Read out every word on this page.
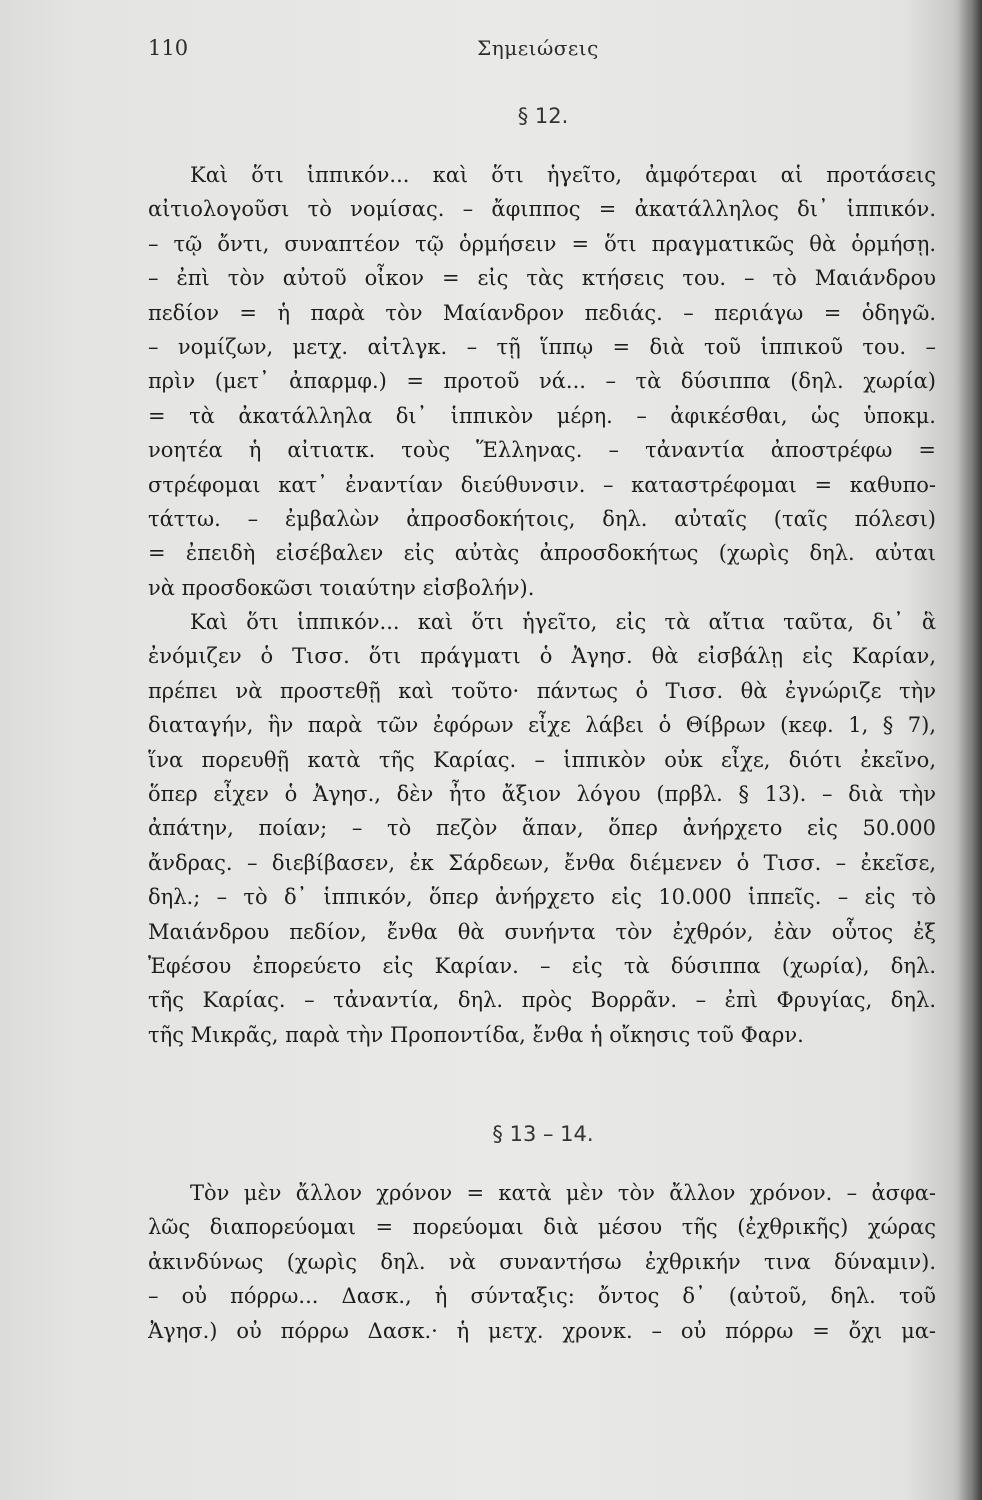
110	Σημειώσεις
§ 12.
Καὶ ὅτι ἱππικόν... καὶ ὅτι ἡγεῖτο, ἀμφότεραι αἱ προτάσεις
αἰτιολογοῦσι τὸ νομίσας. – ἄφιππος = ἀκατάλληλος δι᾿ ἱππικόν.
– τῷ ὄντι, συναπτέον τῷ ὁρμήσειν = ὅτι πραγματικῶς θὰ ὁρμήσῃ.
– ἐπὶ τὸν αὐτοῦ οἶκον = εἰς τὰς κτήσεις του. – τὸ Μαιάνδρου
πεδίον = ἡ παρὰ τὸν Μαίανδρον πεδιάς. – περιάγω = ὁδηγῶ.
– νομίζων, μετχ. αἰτλγκ. – τῇ ἵππῳ = διὰ τοῦ ἱππικοῦ του. –
πρὶν (μετ᾿ ἀπαρμφ.) = προτοῦ νά... – τὰ δύσιππα (δηλ. χωρία)
= τὰ ἀκατάλληλα δι᾿ ἱππικὸν μέρη. – ἀφικέσθαι, ὡς ὑποκμ.
νοητέα ἡ αἰτιατκ. τοὺς Ἕλληνας. – τἀναντία ἀποστρέφω =
στρέφομαι κατ᾿ ἐναντίαν διεύθυνσιν. – καταστρέφομαι = καθυπο-
τάττω. – ἐμβαλὼν ἀπροσδοκήτοις, δηλ. αὐταῖς (ταῖς πόλεσι)
= ἐπειδὴ εἰσέβαλεν εἰς αὐτὰς ἀπροσδοκήτως (χωρὶς δηλ. αὐται
νὰ προσδοκῶσι τοιαύτην εἰσβολήν).
Καὶ ὅτι ἱππικόν... καὶ ὅτι ἡγεῖτο, εἰς τὰ αἴτια ταῦτα, δι᾿ ἃ
ἐνόμιζεν ὁ Τισσ. ὅτι πράγματι ὁ Ἀγησ. θὰ εἰσβάλῃ εἰς Καρίαν,
πρέπει νὰ προστεθῇ καὶ τοῦτο· πάντως ὁ Τισσ. θὰ ἐγνώριζε τὴν
διαταγήν, ἣν παρὰ τῶν ἐφόρων εἶχε λάβει ὁ Θίβρων (κεφ. 1, § 7),
ἵνα πορευθῇ κατὰ τῆς Καρίας. – ἱππικὸν οὐκ εἶχε, διότι ἐκεῖνο,
ὅπερ εἶχεν ὁ Ἀγησ., δὲν ἦτο ἄξιον λόγου (πρβλ. § 13). – διὰ τὴν
ἀπάτην, ποίαν; – τὸ πεζὸν ἅπαν, ὅπερ ἀνήρχετο εἰς 50.000
ἄνδρας. – διεβίβασεν, ἐκ Σάρδεων, ἔνθα διέμενεν ὁ Τισσ. – ἐκεῖσε,
δηλ.; – τὸ δ᾿ ἱππικόν, ὅπερ ἀνήρχετο εἰς 10.000 ἱππεῖς. – εἰς τὸ
Μαιάνδρου πεδίον, ἔνθα θὰ συνήντα τὸν ἐχθρόν, ἐὰν οὗτος ἐξ
Ἐφέσου ἐπορεύετο εἰς Καρίαν. – εἰς τὰ δύσιππα (χωρία), δηλ.
τῆς Καρίας. – τἀναντία, δηλ. πρὸς Βορρᾶν. – ἐπὶ Φρυγίας, δηλ.
τῆς Μικρᾶς, παρὰ τὴν Προποντίδα, ἔνθα ἡ οἴκησις τοῦ Φαρν.
§ 13 – 14.
Τὸν μὲν ἄλλον χρόνον = κατὰ μὲν τὸν ἄλλον χρόνον. – ἀσφα-
λῶς διαπορεύομαι = πορεύομαι διὰ μέσου τῆς (ἐχθρικῆς) χώρας
ἀκινδύνως (χωρὶς δηλ. νὰ συναντήσω ἐχθρικήν τινα δύναμιν).
– οὐ πόρρω... Δασκ., ἡ σύνταξις: ὄντος δ᾿ (αὐτοῦ, δηλ. τοῦ
Ἀγησ.) οὐ πόρρω Δασκ.· ἡ μετχ. χρονκ. – οὐ πόρρω = ὄχι μα-
